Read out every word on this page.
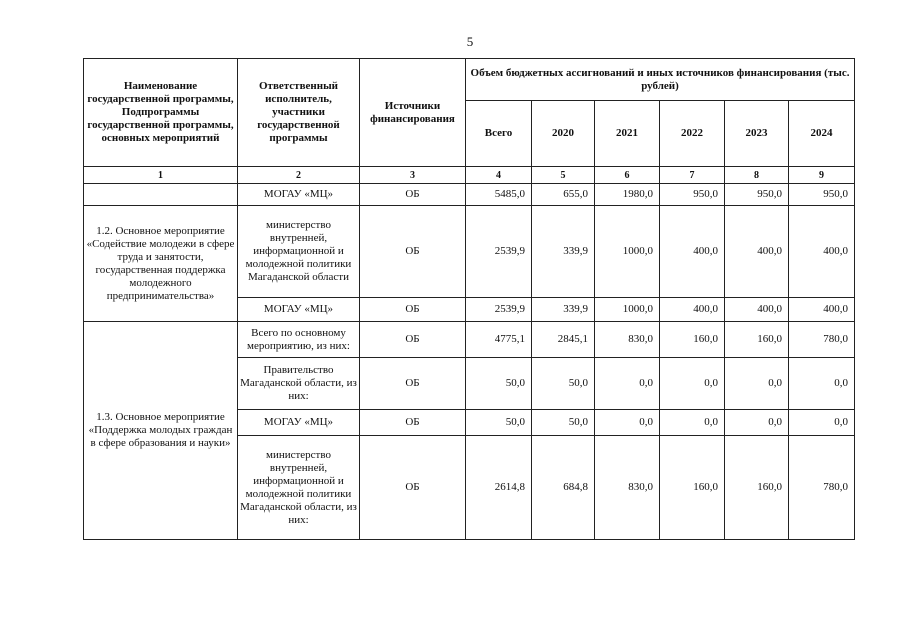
5
Наименование государственной программы, Подпрограммы государственной программы, основных мероприятий	Ответственный исполнитель, участники государственной программы	Источники финансирования	Объем бюджетных ассигнований и иных источников финансирования (тыс. рублей)					
			Всего	2020	2021	2022	2023	2024
1	2	3	4	5	6	7	8	9
	МОГАУ «МЦ»	ОБ	5485,0	655,0	1980,0	950,0	950,0	950,0
1.2. Основное мероприятие «Содействие молодежи в сфере труда и занятости, государственная поддержка молодежного предпринимательства»	министерство внутренней, информационной и молодежной политики Магаданской области	ОБ	2539,9	339,9	1000,0	400,0	400,0	400,0
	МОГАУ «МЦ»	ОБ	2539,9	339,9	1000,0	400,0	400,0	400,0
1.3. Основное мероприятие «Поддержка молодых граждан в сфере образования и науки»	Всего по основному мероприятию, из них:	ОБ	4775,1	2845,1	830,0	160,0	160,0	780,0
	Правительство Магаданской области, из них:	ОБ	50,0	50,0	0,0	0,0	0,0	0,0
	МОГАУ «МЦ»	ОБ	50,0	50,0	0,0	0,0	0,0	0,0
	министерство внутренней, информационной и молодежной политики Магаданской области, из них:	ОБ	2614,8	684,8	830,0	160,0	160,0	780,0
